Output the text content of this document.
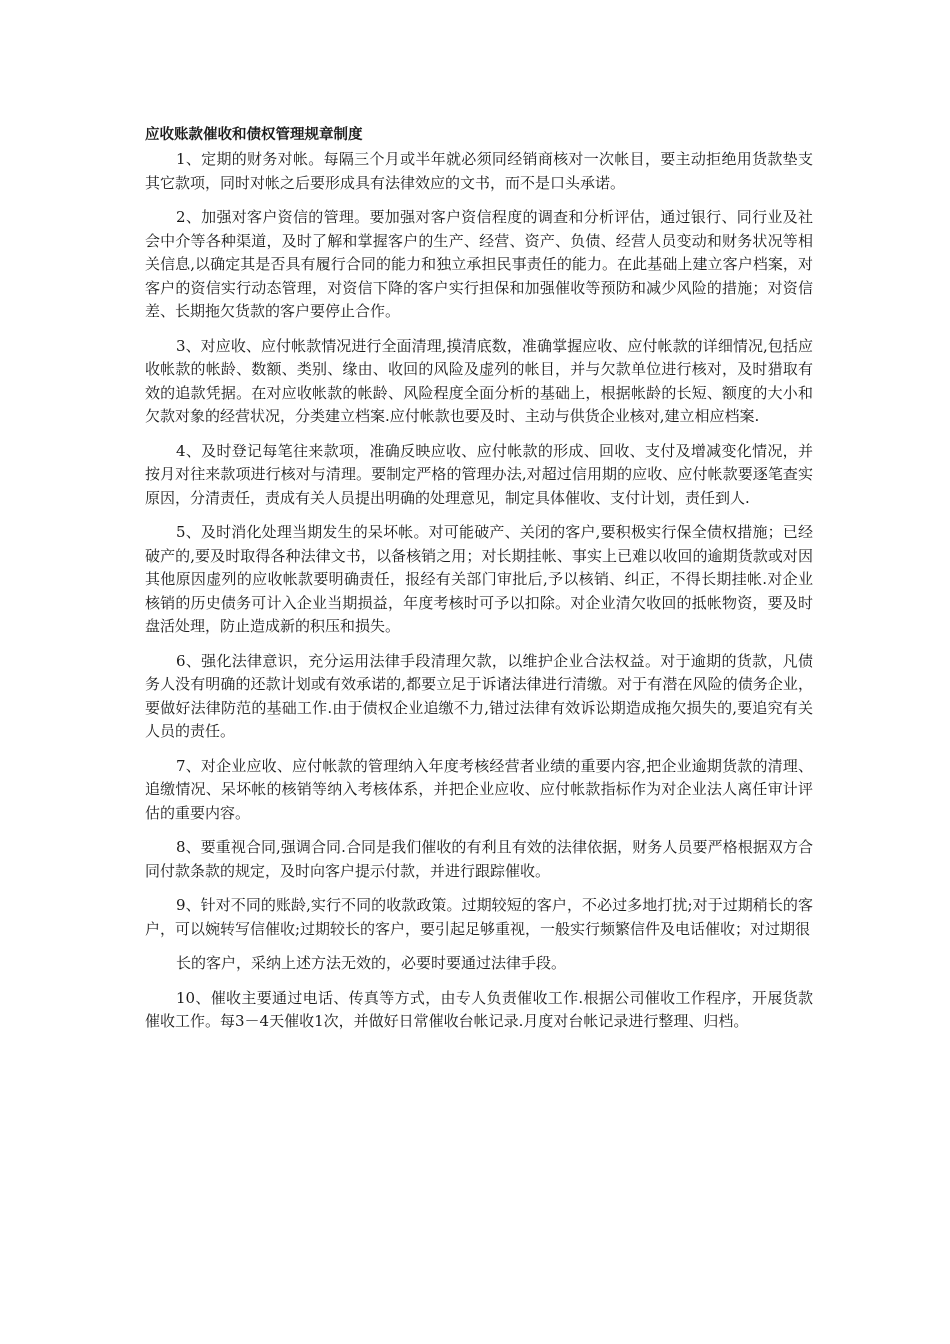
应收账款催收和债权管理规章制度

1、定期的财务对帐。每隔三个月或半年就必须同经销商核对一次帐目，要主动拒绝用货款垫支其它款项，同时对帐之后要形成具有法律效应的文书，而不是口头承诺。

2、加强对客户资信的管理。要加强对客户资信程度的调查和分析评估，通过银行、同行业及社会中介等各种渠道，及时了解和掌握客户的生产、经营、资产、负债、经营人员变动和财务状况等相关信息,以确定其是否具有履行合同的能力和独立承担民事责任的能力。在此基础上建立客户档案，对客户的资信实行动态管理，对资信下降的客户实行担保和加强催收等预防和减少风险的措施；对资信差、长期拖欠货款的客户要停止合作。

3、对应收、应付帐款情况进行全面清理,摸清底数，准确掌握应收、应付帐款的详细情况,包括应收帐款的帐龄、数额、类别、缘由、收回的风险及虚列的帐目，并与欠款单位进行核对，及时猎取有效的追款凭据。在对应收帐款的帐龄、风险程度全面分析的基础上，根据帐龄的长短、额度的大小和欠款对象的经营状况，分类建立档案.应付帐款也要及时、主动与供货企业核对,建立相应档案.

4、及时登记每笔往来款项，准确反映应收、应付帐款的形成、回收、支付及增减变化情况，并按月对往来款项进行核对与清理。要制定严格的管理办法,对超过信用期的应收、应付帐款要逐笔查实原因，分清责任，责成有关人员提出明确的处理意见，制定具体催收、支付计划，责任到人.

5、及时消化处理当期发生的呆坏帐。对可能破产、关闭的客户,要积极实行保全债权措施；已经破产的,要及时取得各种法律文书，以备核销之用；对长期挂帐、事实上已难以收回的逾期货款或对因其他原因虚列的应收帐款要明确责任，报经有关部门审批后,予以核销、纠正，不得长期挂帐.对企业核销的历史债务可计入企业当期损益，年度考核时可予以扣除。对企业清欠收回的抵帐物资，要及时盘活处理，防止造成新的积压和损失。

6、强化法律意识，充分运用法律手段清理欠款，以维护企业合法权益。对于逾期的货款，凡债务人没有明确的还款计划或有效承诺的,都要立足于诉诸法律进行清缴。对于有潜在风险的债务企业，要做好法律防范的基础工作.由于债权企业追缴不力,错过法律有效诉讼期造成拖欠损失的,要追究有关人员的责任。

7、对企业应收、应付帐款的管理纳入年度考核经营者业绩的重要内容,把企业逾期货款的清理、追缴情况、呆坏帐的核销等纳入考核体系，并把企业应收、应付帐款指标作为对企业法人离任审计评估的重要内容。

8、要重视合同,强调合同.合同是我们催收的有利且有效的法律依据，财务人员要严格根据双方合同付款条款的规定，及时向客户提示付款，并进行跟踪催收。

9、针对不同的账龄,实行不同的收款政策。过期较短的客户，不必过多地打扰;对于过期稍长的客户，可以婉转写信催收;过期较长的客户，要引起足够重视，一般实行频繁信件及电话催收；对过期很

长的客户，采纳上述方法无效的，必要时要通过法律手段。

10、催收主要通过电话、传真等方式，由专人负责催收工作.根据公司催收工作程序，开展货款催收工作。每3－4天催收1次，并做好日常催收台帐记录.月度对台帐记录进行整理、归档。
